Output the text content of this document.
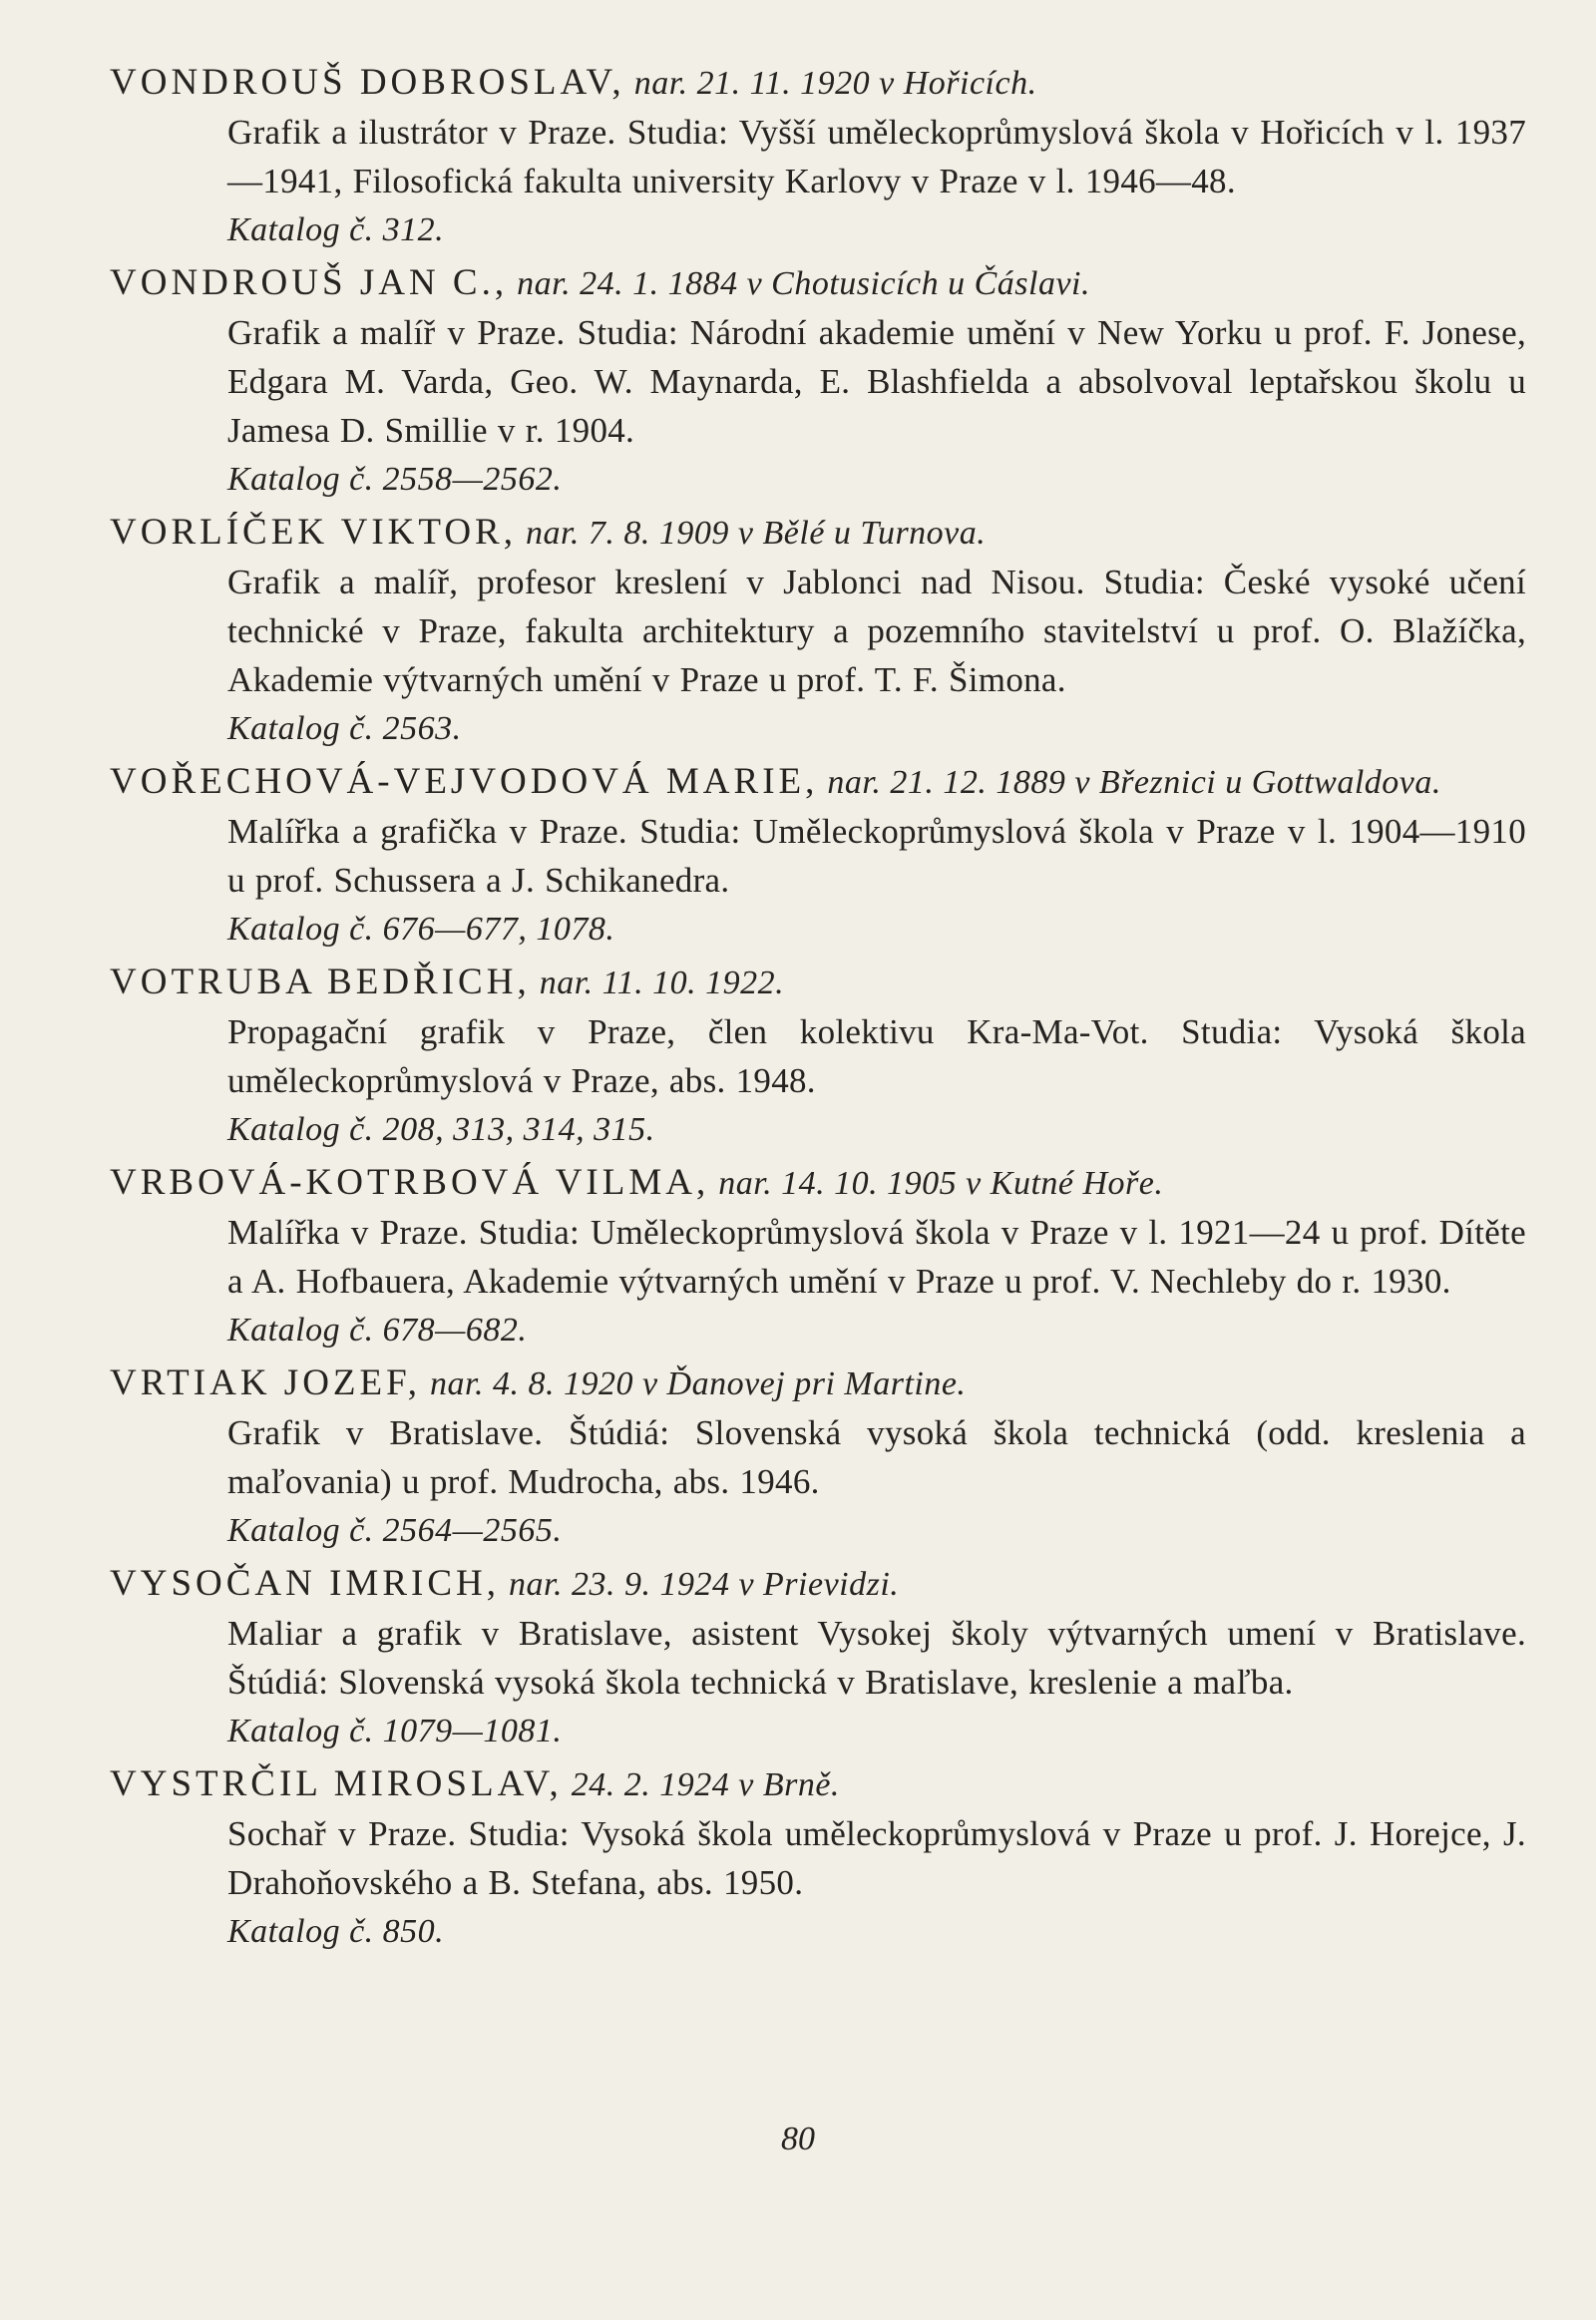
VONDROUŠ DOBROSLAV, nar. 21. 11. 1920 v Hořicích.
Grafik a ilustrátor v Praze. Studia: Vyšší uměleckoprůmyslová škola v Hořicích v l. 1937—1941, Filosofická fakulta university Karlovy v Praze v l. 1946—48.
Katalog č. 312.
VONDROUŠ JAN C., nar. 24. 1. 1884 v Chotusicích u Čáslavi.
Grafik a malíř v Praze. Studia: Národní akademie umění v New Yorku u prof. F. Jonese, Edgara M. Varda, Geo. W. Maynarda, E. Blashfielda a absolvoval leptařskou školu u Jamesa D. Smillie v r. 1904.
Katalog č. 2558—2562.
VORLÍČEK VIKTOR, nar. 7. 8. 1909 v Bělé u Turnova.
Grafik a malíř, profesor kreslení v Jablonci nad Nisou. Studia: České vysoké učení technické v Praze, fakulta architektury a pozemního stavitelství u prof. O. Blažíčka, Akademie výtvarných umění v Praze u prof. T. F. Šimona.
Katalog č. 2563.
VOŘECHOVÁ-VEJVODOVÁ MARIE, nar. 21. 12. 1889 v Březnici u Gottwaldova.
Malířka a grafička v Praze. Studia: Uměleckoprůmyslová škola v Praze v l. 1904—1910 u prof. Schussera a J. Schikanedra.
Katalog č. 676—677, 1078.
VOTRUBA BEDŘICH, nar. 11. 10. 1922.
Propagační grafik v Praze, člen kolektivu Kra-Ma-Vot. Studia: Vysoká škola uměleckoprůmyslová v Praze, abs. 1948.
Katalog č. 208, 313, 314, 315.
VRBOVÁ-KOTRBOVÁ VILMA, nar. 14. 10. 1905 v Kutné Hoře.
Malířka v Praze. Studia: Uměleckoprůmyslová škola v Praze v l. 1921—24 u prof. Dítěte a A. Hofbauera, Akademie výtvarných umění v Praze u prof. V. Nechleby do r. 1930.
Katalog č. 678—682.
VRTIAK JOZEF, nar. 4. 8. 1920 v Ďanovej pri Martine.
Grafik v Bratislave. Štúdiá: Slovenská vysoká škola technická (odd. kreslenia a maľovania) u prof. Mudrocha, abs. 1946.
Katalog č. 2564—2565.
VYSOČAN IMRICH, nar. 23. 9. 1924 v Prievidzi.
Maliar a grafik v Bratislave, asistent Vysokej školy výtvarných umení v Bratislave. Štúdiá: Slovenská vysoká škola technická v Bratislave, kreslenie a maľba.
Katalog č. 1079—1081.
VYSTRČIL MIROSLAV, 24. 2. 1924 v Brně.
Sochař v Praze. Studia: Vysoká škola uměleckoprůmyslová v Praze u prof. J. Horejce, J. Drahoňovského a B. Stefana, abs. 1950.
Katalog č. 850.
80
